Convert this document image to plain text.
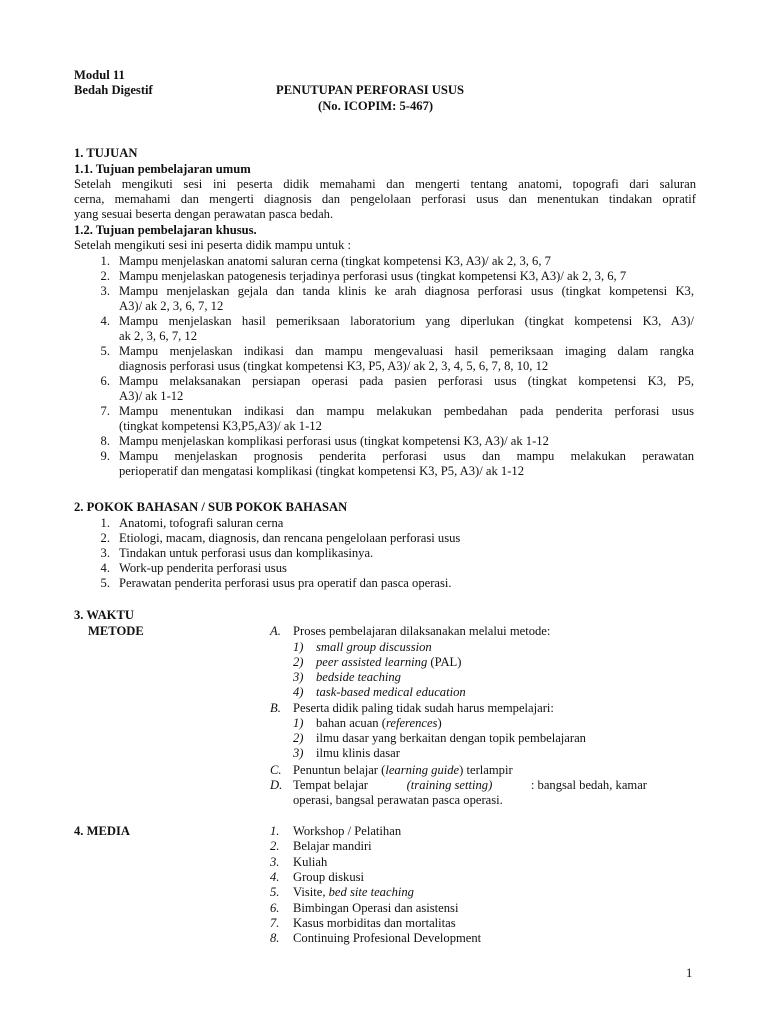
Modul 11
Bedah Digestif	PENUTUPAN PERFORASI USUS
(No. ICOPIM: 5-467)
1. TUJUAN
1.1. Tujuan pembelajaran umum
Setelah mengikuti sesi ini peserta didik memahami dan mengerti tentang anatomi, topografi dari saluran
cerna, memahami dan mengerti diagnosis dan pengelolaan perforasi usus dan menentukan tindakan opratif
yang sesuai beserta dengan perawatan pasca bedah.
1.2. Tujuan pembelajaran khusus.
Setelah mengikuti sesi ini peserta didik mampu untuk :
1. Mampu menjelaskan anatomi saluran cerna (tingkat kompetensi K3, A3)/ ak 2, 3, 6, 7
2. Mampu menjelaskan patogenesis terjadinya perforasi usus (tingkat kompetensi K3, A3)/ ak 2, 3, 6, 7
3. Mampu menjelaskan gejala dan tanda klinis ke arah diagnosa perforasi usus (tingkat kompetensi K3,
A3)/ ak 2, 3, 6, 7, 12
4. Mampu menjelaskan hasil pemeriksaan laboratorium yang diperlukan (tingkat kompetensi K3, A3)/
ak 2, 3, 6, 7, 12
5. Mampu menjelaskan indikasi dan mampu mengevaluasi hasil pemeriksaan imaging dalam rangka
diagnosis perforasi usus (tingkat kompetensi K3, P5, A3)/ ak 2, 3, 4, 5, 6, 7, 8, 10, 12
6. Mampu melaksanakan persiapan operasi pada pasien perforasi usus (tingkat kompetensi K3, P5,
A3)/ ak 1-12
7. Mampu menentukan indikasi dan mampu melakukan pembedahan pada penderita perforasi usus
(tingkat kompetensi K3,P5,A3)/ ak 1-12
8. Mampu menjelaskan komplikasi perforasi usus (tingkat kompetensi K3, A3)/ ak 1-12
9. Mampu menjelaskan prognosis penderita perforasi usus dan mampu melakukan perawatan
perioperatif dan mengatasi komplikasi (tingkat kompetensi K3, P5, A3)/ ak 1-12
2. POKOK BAHASAN / SUB POKOK BAHASAN
1. Anatomi, tofografi saluran cerna
2. Etiologi, macam, diagnosis, dan rencana pengelolaan perforasi usus
3. Tindakan untuk perforasi usus dan komplikasinya.
4. Work-up penderita perforasi usus
5. Perawatan penderita perforasi usus pra operatif dan pasca operasi.
3. WAKTU
METODE	A. Proses pembelajaran dilaksanakan melalui metode:
1) small group discussion
2) peer assisted learning (PAL)
3) bedside teaching
4) task-based medical education
B. Peserta didik paling tidak sudah harus mempelajari:
1) bahan acuan (references)
2) ilmu dasar yang berkaitan dengan topik pembelajaran
3) ilmu klinis dasar
C. Penuntun belajar (learning guide) terlampir
D. Tempat belajar	(training setting)	: bangsal bedah, kamar
operasi, bangsal perawatan pasca operasi.
4. MEDIA	1. Workshop / Pelatihan
2. Belajar mandiri
3. Kuliah
4. Group diskusi
5. Visite, bed site teaching
6. Bimbingan Operasi dan asistensi
7. Kasus morbiditas dan mortalitas
8. Continuing Profesional Development
1
